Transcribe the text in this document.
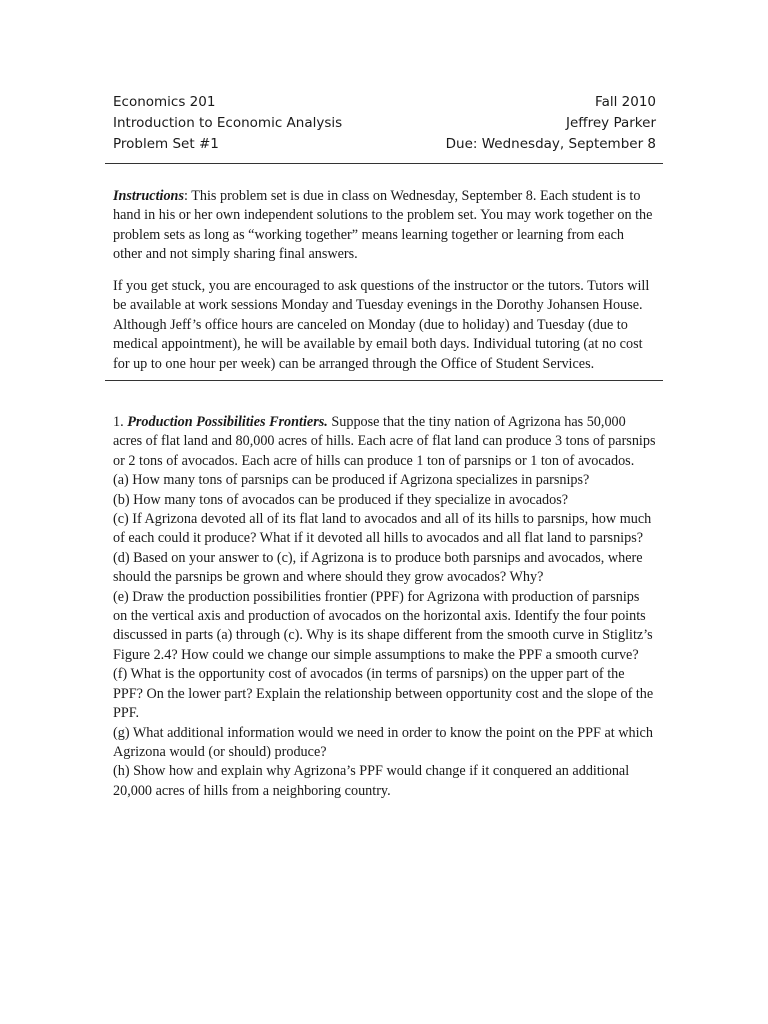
Economics 201	Fall 2010
Introduction to Economic Analysis	Jeffrey Parker
Problem Set #1	Due: Wednesday, September 8

Instructions: This problem set is due in class on Wednesday, September 8. Each student is to hand in his or her own independent solutions to the problem set. You may work together on the problem sets as long as “working together” means learning together or learning from each other and not simply sharing final answers.

If you get stuck, you are encouraged to ask questions of the instructor or the tutors. Tutors will be available at work sessions Monday and Tuesday evenings in the Dorothy Johansen House. Although Jeff’s office hours are canceled on Monday (due to holiday) and Tuesday (due to medical appointment), he will be available by email both days. Individual tutoring (at no cost for up to one hour per week) can be arranged through the Office of Student Services.

1. Production Possibilities Frontiers. Suppose that the tiny nation of Agrizona has 50,000 acres of flat land and 80,000 acres of hills. Each acre of flat land can produce 3 tons of parsnips or 2 tons of avocados. Each acre of hills can produce 1 ton of parsnips or 1 ton of avocados.

(a) How many tons of parsnips can be produced if Agrizona specializes in parsnips?

(b) How many tons of avocados can be produced if they specialize in avocados?

(c) If Agrizona devoted all of its flat land to avocados and all of its hills to parsnips, how much of each could it produce? What if it devoted all hills to avocados and all flat land to parsnips?

(d) Based on your answer to (c), if Agrizona is to produce both parsnips and avocados, where should the parsnips be grown and where should they grow avocados? Why?

(e) Draw the production possibilities frontier (PPF) for Agrizona with production of parsnips on the vertical axis and production of avocados on the horizontal axis. Identify the four points discussed in parts (a) through (c). Why is its shape different from the smooth curve in Stiglitz’s Figure 2.4? How could we change our simple assumptions to make the PPF a smooth curve?

(f) What is the opportunity cost of avocados (in terms of parsnips) on the upper part of the PPF? On the lower part? Explain the relationship between opportunity cost and the slope of the PPF.

(g) What additional information would we need in order to know the point on the PPF at which Agrizona would (or should) produce?

(h) Show how and explain why Agrizona’s PPF would change if it conquered an additional 20,000 acres of hills from a neighboring country.
